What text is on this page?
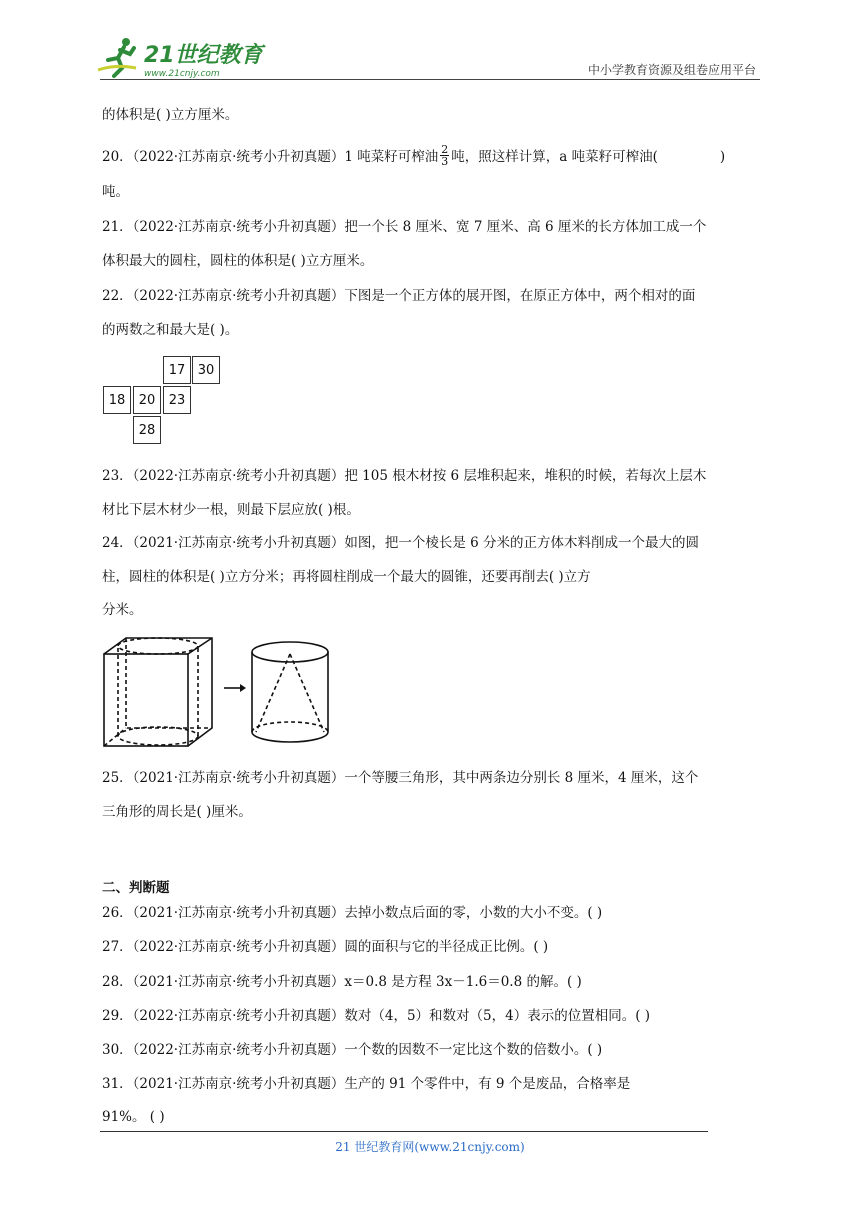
21世纪教育
www.21cnjy.com	中小学教育资源及组卷应用平台
的体积是( )立方厘米。
20．（2022·江苏南京·统考小升初真题）1 吨菜籽可榨油 $\frac{2}{3}$ 吨，照这样计算，a 吨菜籽可榨油(	)
吨。
21．（2022·江苏南京·统考小升初真题）把一个长 8 厘米、宽 7 厘米、高 6 厘米的长方体加工成一个
体积最大的圆柱，圆柱的体积是( )立方厘米。
22．（2022·江苏南京·统考小升初真题）下图是一个正方体的展开图，在原正方体中，两个相对的面
的两数之和最大是( )。
17 30
18	20	23
28
23．（2022·江苏南京·统考小升初真题）把 105 根木材按 6 层堆积起来，堆积的时候，若每次上层木
材比下层木材少一根，则最下层应放( )根。
24．（2021·江苏南京·统考小升初真题）如图，把一个棱长是 6 分米的正方体木料削成一个最大的圆
柱，圆柱的体积是( )立方分米；再将圆柱削成一个最大的圆锥，还要再削去( )立方
分米。
25．（2021·江苏南京·统考小升初真题）一个等腰三角形，其中两条边分别长 8 厘米，4 厘米，这个
三角形的周长是( )厘米。
二、判断题
26．（2021·江苏南京·统考小升初真题）去掉小数点后面的零，小数的大小不变。( )
27．（2022·江苏南京·统考小升初真题）圆的面积与它的半径成正比例。( )
28．（2021·江苏南京·统考小升初真题）x＝0.8 是方程 3x－1.6＝0.8 的解。( )
29．（2022·江苏南京·统考小升初真题）数对（4，5）和数对（5，4）表示的位置相同。( )
30．（2022·江苏南京·统考小升初真题）一个数的因数不一定比这个数的倍数小。( )
31．（2021·江苏南京·统考小升初真题）生产的 91 个零件中，有 9 个是废品，合格率是
91%。 ( )
21 世纪教育网(www.21cnjy.com)
